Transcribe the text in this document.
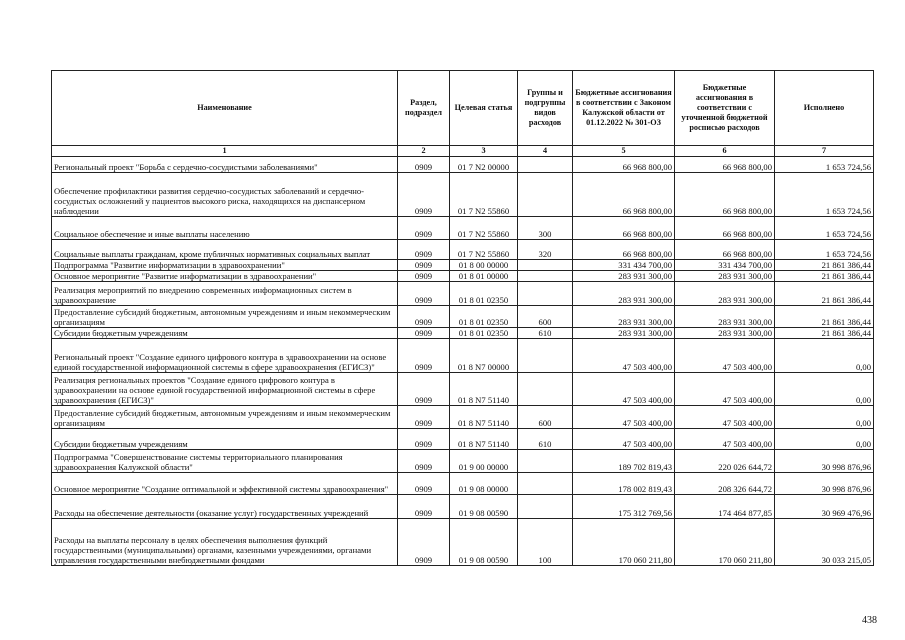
Наименование	Раздел, подраздел	Целевая статья	Группы и подгруппы видов расходов	Бюджетные ассигнования в соответствии с Законом Калужской области от 01.12.2022 № 301-ОЗ	Бюджетные ассигнования в соответствии с уточненной бюджетной росписью расходов	Исполнено
1	2	3	4	5	6	7
Региональный проект "Борьба с сердечно-сосудистыми заболеваниями"	0909	01 7 N2 00000		66 968 800,00	66 968 800,00	1 653 724,56
Обеспечение профилактики развития сердечно-сосудистых заболеваний и сердечно-сосудистых осложнений у пациентов высокого риска, находящихся на диспансерном наблюдении	0909	01 7 N2 55860		66 968 800,00	66 968 800,00	1 653 724,56
Социальное обеспечение и иные выплаты населению	0909	01 7 N2 55860	300	66 968 800,00	66 968 800,00	1 653 724,56
Социальные выплаты гражданам, кроме публичных нормативных социальных выплат	0909	01 7 N2 55860	320	66 968 800,00	66 968 800,00	1 653 724,56
Подпрограмма "Развитие информатизации в здравоохранении"	0909	01 8 00 00000		331 434 700,00	331 434 700,00	21 861 386,44
Основное мероприятие "Развитие информатизации в здравоохранении"	0909	01 8 01 00000		283 931 300,00	283 931 300,00	21 861 386,44
Реализация мероприятий по внедрению современных информационных систем в здравоохранение	0909	01 8 01 02350		283 931 300,00	283 931 300,00	21 861 386,44
Предоставление субсидий бюджетным, автономным учреждениям и иным некоммерческим организациям	0909	01 8 01 02350	600	283 931 300,00	283 931 300,00	21 861 386,44
Субсидии бюджетным учреждениям	0909	01 8 01 02350	610	283 931 300,00	283 931 300,00	21 861 386,44
Региональный проект "Создание единого цифрового контура в здравоохранении на основе единой государственной информационной системы в сфере здравоохранения (ЕГИСЗ)"	0909	01 8 N7 00000		47 503 400,00	47 503 400,00	0,00
Реализация региональных проектов "Создание единого цифрового контура в здравоохранении на основе единой государственной информационной системы в сфере здравоохранения (ЕГИСЗ)"	0909	01 8 N7 51140		47 503 400,00	47 503 400,00	0,00
Предоставление субсидий бюджетным, автономным учреждениям и иным некоммерческим организациям	0909	01 8 N7 51140	600	47 503 400,00	47 503 400,00	0,00
Субсидии бюджетным учреждениям	0909	01 8 N7 51140	610	47 503 400,00	47 503 400,00	0,00
Подпрограмма "Совершенствование системы территориального планирования здравоохранения Калужской области"	0909	01 9 00 00000		189 702 819,43	220 026 644,72	30 998 876,96
Основное мероприятие "Создание оптимальной и эффективной системы здравоохранения"	0909	01 9 08 00000		178 002 819,43	208 326 644,72	30 998 876,96
Расходы на обеспечение деятельности (оказание услуг) государственных учреждений	0909	01 9 08 00590		175 312 769,56	174 464 877,85	30 969 476,96
Расходы на выплаты персоналу в целях обеспечения выполнения функций государственными (муниципальными) органами, казенными учреждениями, органами управления государственными внебюджетными фондами	0909	01 9 08 00590	100	170 060 211,80	170 060 211,80	30 033 215,05
438
